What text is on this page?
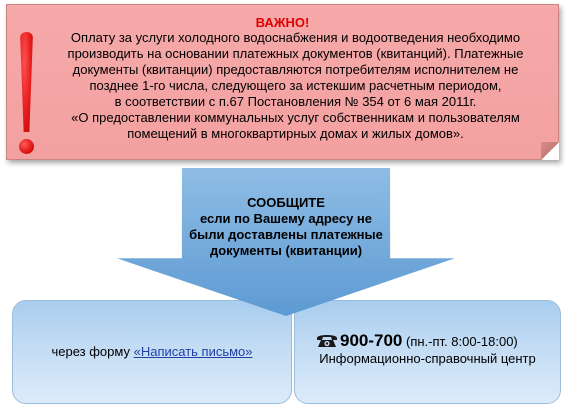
ВАЖНО!
Оплату за услуги холодного водоснабжения и водоотведения необходимо
производить на основании платежных документов (квитанций). Платежные
документы (квитанции) предоставляются потребителям исполнителем не
позднее 1-го числа, следующего за истекшим расчетным периодом,
в соответствии с п.67 Постановления № 354 от 6 мая 2011г.
«О предоставлении коммунальных услуг собственникам и пользователям
помещений в многоквартирных домах и жилых домов».
СООБЩИТЕ
если по Вашему адресу не
были доставлены платежные
документы (квитанции)
через форму «Написать письмо»
900-700 (пн.-пт. 8:00-18:00)
Информационно-справочный центр
